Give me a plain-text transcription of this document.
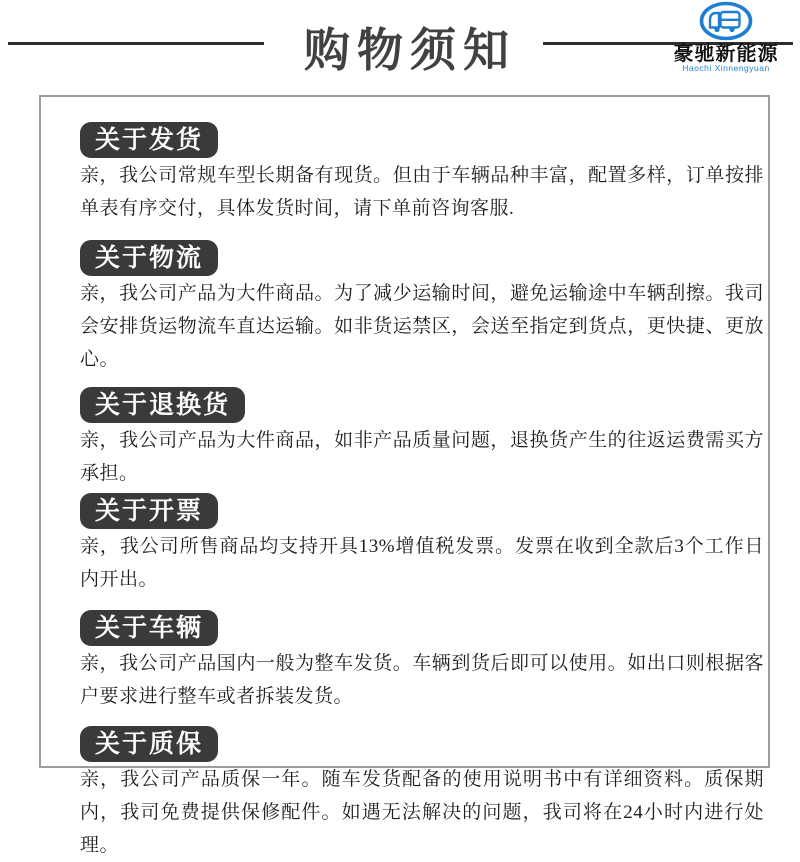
购物须知	豪驰新能源
Haochi Xinnengyuan
关于发货

亲，我公司常规车型长期备有现货。但由于车辆品种丰富，配置多样，订单按排单表有序交付，具体发货时间，请下单前咨询客服.

关于物流

亲，我公司产品为大件商品。为了减少运输时间，避免运输途中车辆刮擦。我司会安排货运物流车直达运输。如非货运禁区，会送至指定到货点，更快捷、更放心。

关于退换货

亲，我公司产品为大件商品，如非产品质量问题，退换货产生的往返运费需买方承担。

关于开票

亲，我公司所售商品均支持开具13%增值税发票。发票在收到全款后3个工作日内开出。

关于车辆

亲，我公司产品国内一般为整车发货。车辆到货后即可以使用。如出口则根据客户要求进行整车或者拆装发货。

关于质保

亲，我公司产品质保一年。随车发货配备的使用说明书中有详细资料。质保期内，我司免费提供保修配件。如遇无法解决的问题，我司将在24小时内进行处理。
